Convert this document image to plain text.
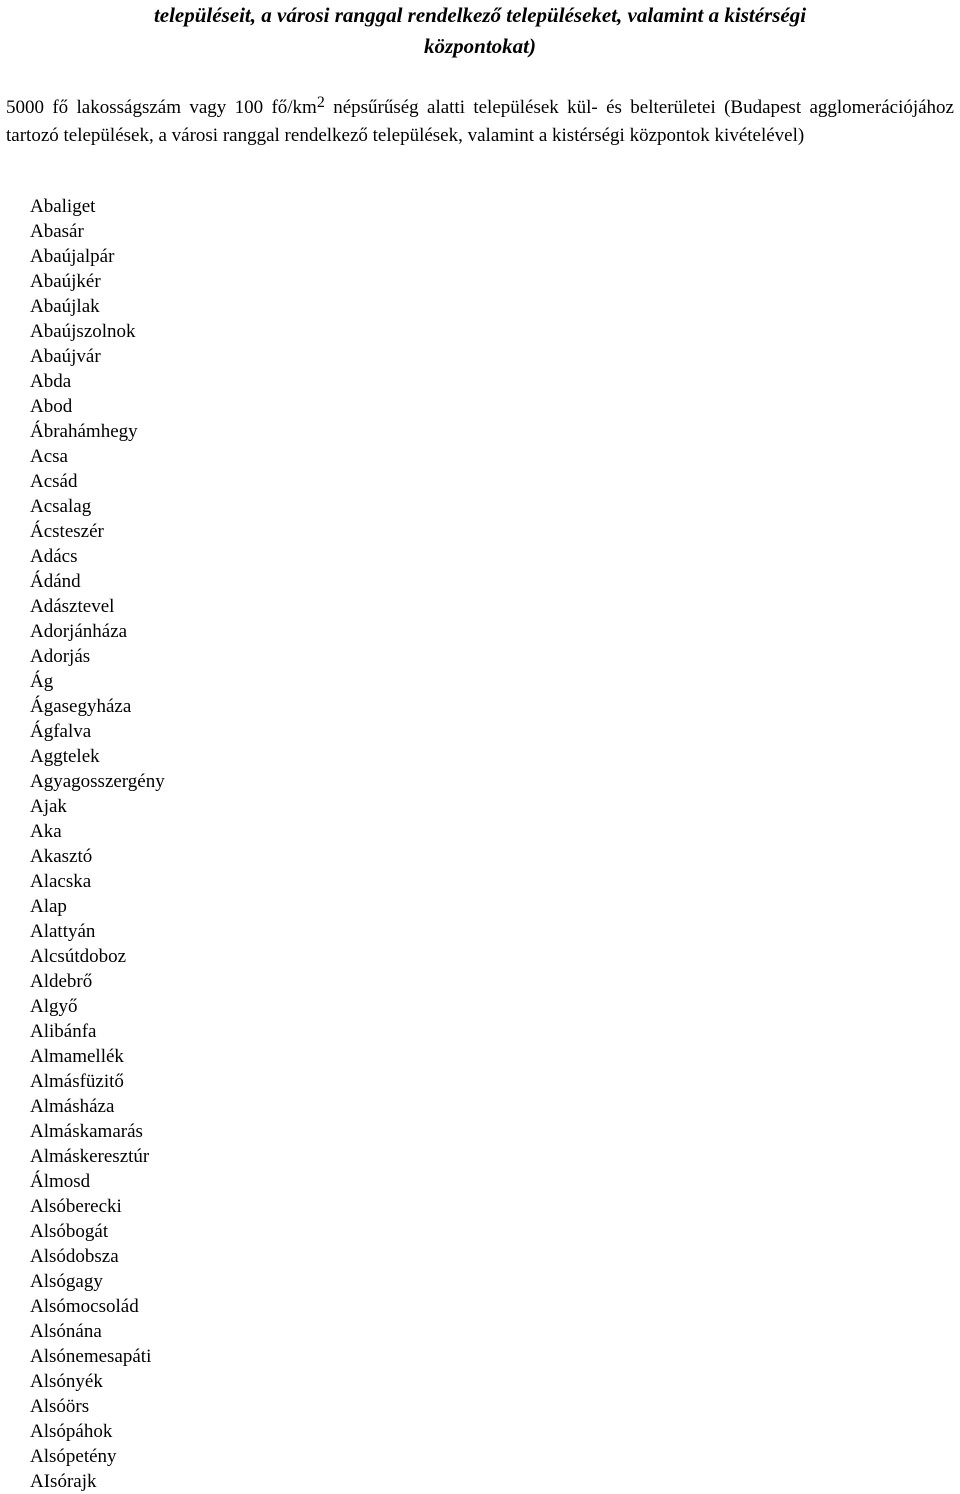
településeit, a városi ranggal rendelkező településeket, valamint a kistérségi
központokat)
5000 fő lakosságszám vagy 100 $fő/km^2$ népsűrűség alatti települések kül- és belterületei (Budapest agglomerációjához tartozó települések, a városi ranggal rendelkező települések, valamint a kistérségi központok kivételével)
Abaliget
Abasár
Abaújalpár
Abaújkér
Abaújlak
Abaújszolnok
Abaújvár
Abda
Abod
Ábrahámhegy
Acsa
Acsád
Acsalag
Ácsteszér
Adács
Ádánd
Adásztevel
Adorjánháza
Adorjás
Ág
Ágasegyháza
Ágfalva
Aggtelek
Agyagosszergény
Ajak
Aka
Akasztó
Alacska
Alap
Alattyán
Alcsútdoboz
Aldebrő
Algyő
Alibánfa
Almamellék
Almásfüzitő
Almásháza
Almáskamarás
Almáskeresztúr
Álmosd
Alsóberecki
Alsóbogát
Alsódobsza
Alsógagy
Alsómocsolád
Alsónána
Alsónemesapáti
Alsónyék
Alsóörs
Alsópáhok
Alsópetény
AIsórajk
